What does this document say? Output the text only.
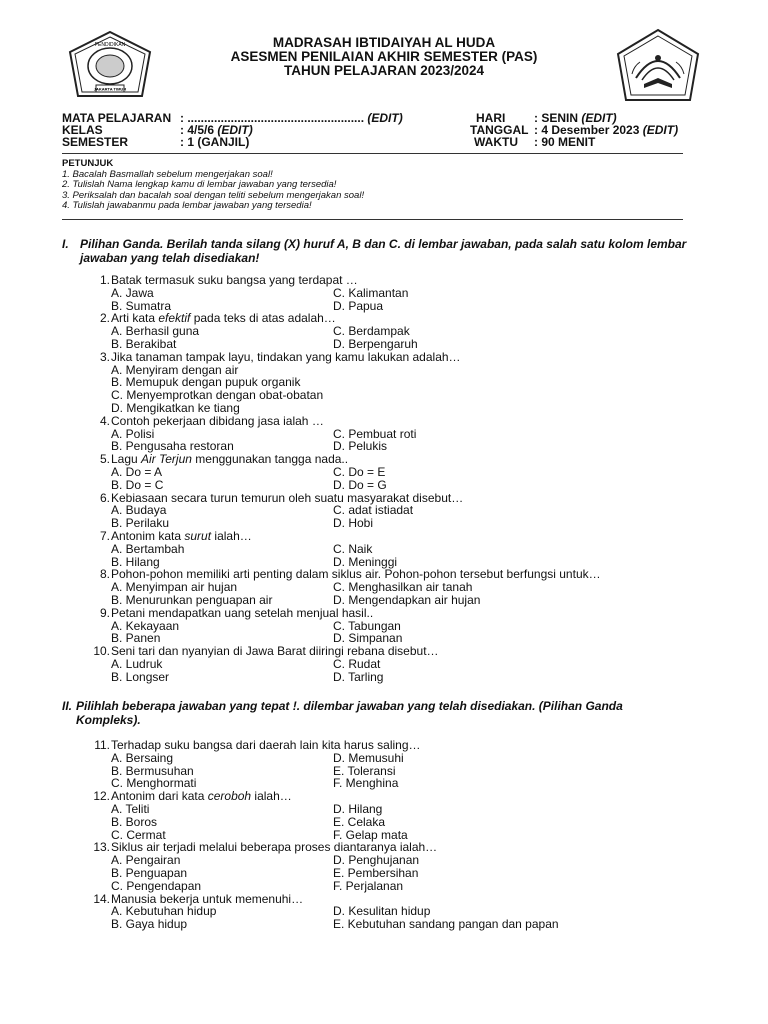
PENDIDIKAN
JAKARTA TIMUR
MADRASAH IBTIDAIYAH AL HUDA
ASESMEN PENILAIAN AKHIR SEMESTER (PAS)
TAHUN PELAJARAN 2023/2024
MATA PELAJARAN : ..................................................... (EDIT)
KELAS	: 4/5/6 (EDIT)
SEMESTER	: 1 (GANJIL)
HARI : SENIN (EDIT)
TANGGAL : 4 Desember 2023 (EDIT)
WAKTU : 90 MENIT
PETUNJUK
1. Bacalah Basmallah sebelum mengerjakan soal!
2. Tulislah Nama lengkap kamu di lembar jawaban yang tersedia!
3. Periksalah dan bacalah soal dengan teliti sebelum mengerjakan soal!
4. Tulislah jawabanmu pada lembar jawaban yang tersedia!
I. Pilihan Ganda. Berilah tanda silang (X) huruf A, B dan C. di lembar jawaban, pada salah satu kolom lembar jawaban yang telah disediakan!
1. Batak termasuk suku bangsa yang terdapat …
A. Jawa	C. Kalimantan
B. Sumatra	D. Papua
2. Arti kata efektif pada teks di atas adalah…
A. Berhasil guna	C. Berdampak
B. Berakibat	D. Berpengaruh
3. Jika tanaman tampak layu, tindakan yang kamu lakukan adalah…
A. Menyiram dengan air
B. Memupuk dengan pupuk organik
C. Menyemprotkan dengan obat-obatan
D. Mengikatkan ke tiang
4. Contoh pekerjaan dibidang jasa ialah …
A. Polisi	C. Pembuat roti
B. Pengusaha restoran	D. Pelukis
5. Lagu Air Terjun menggunakan tangga nada..
A. Do = A	C. Do = E
B. Do = C	D. Do = G
6. Kebiasaan secara turun temurun oleh suatu masyarakat disebut…
A. Budaya	C. adat istiadat
B. Perilaku	D. Hobi
7. Antonim kata surut ialah…
A. Bertambah	C. Naik
B. Hilang	D. Meninggi
8. Pohon-pohon memiliki arti penting dalam siklus air. Pohon-pohon tersebut berfungsi untuk…
A. Menyimpan air hujan	C. Menghasilkan air tanah
B. Menurunkan penguapan air	D. Mengendapkan air hujan
9. Petani mendapatkan uang setelah menjual hasil..
A. Kekayaan	C. Tabungan
B. Panen	D. Simpanan
10. Seni tari dan nyanyian di Jawa Barat diiringi rebana disebut…
A. Ludruk	C. Rudat
B. Longser	D. Tarling
II. Pilihlah beberapa jawaban yang tepat !. dilembar jawaban yang telah disediakan. (Pilihan Ganda Kompleks).
11. Terhadap suku bangsa dari daerah lain kita harus saling…
A. Bersaing	D. Memusuhi
B. Bermusuhan	E. Toleransi
C. Menghormati	F. Menghina
12. Antonim dari kata ceroboh ialah…
A. Teliti	D. Hilang
B. Boros	E. Celaka
C. Cermat	F. Gelap mata
13. Siklus air terjadi melalui beberapa proses diantaranya ialah…
A. Pengairan	D. Penghujanan
B. Penguapan	E. Pembersihan
C. Pengendapan	F. Perjalanan
14. Manusia bekerja untuk memenuhi…
A. Kebutuhan hidup	D. Kesulitan hidup
B. Gaya hidup	E. Kebutuhan sandang pangan dan papan
